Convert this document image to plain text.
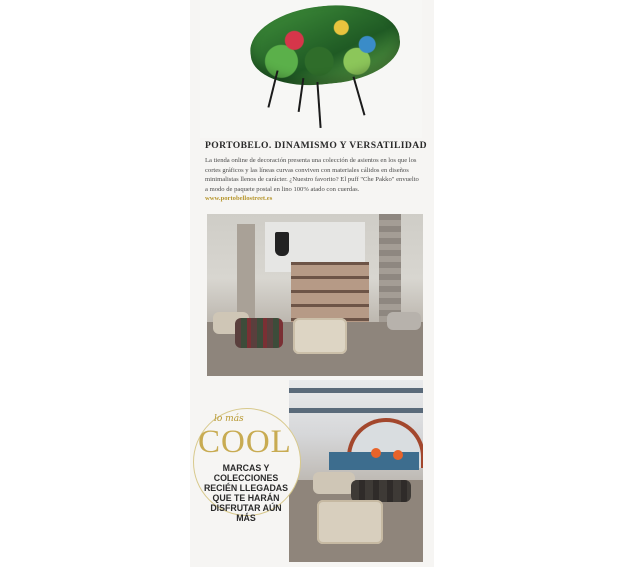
PORTOBELO. DINAMISMO Y VERSATILIDAD
La tienda online de decoración presenta una colección de asientos en los que los cortes gráficos y las líneas curvas conviven con materiales cálidos en diseños minimalistas llenos de carácter. ¿Nuestro favorito? El puff "Che Pakko" envuelto a modo de paquete postal en lino 100% atado con cuerdas. www.portobellostreet.es
lo más
COOL
MARCAS Y
COLECCIONES
RECIÉN LLEGADAS
QUE TE HARÁN
DISFRUTAR AÚN
MÁS
